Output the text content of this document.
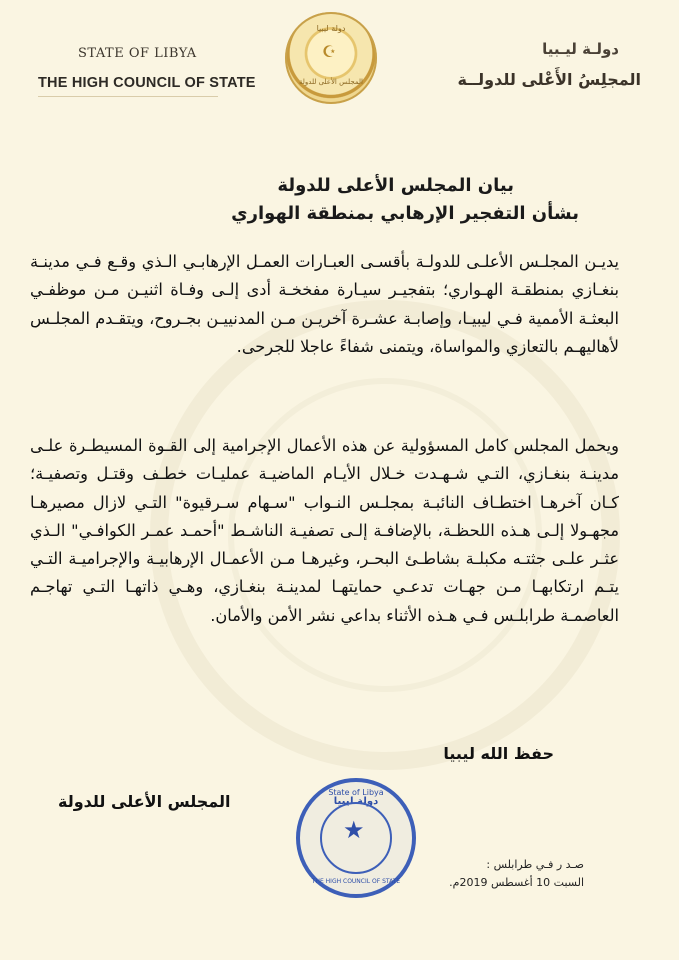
STATE OF LIBYA
THE HIGH COUNCIL OF STATE
دولـة ليـبيا
المجلِسُ الأَعْلى للدولــة
دولة ليبيا
☪
المجلس الأعلى للدولة
بيان المجلس الأعلى للدولة
بشأن التفجير الإرهابي بمنطقة الهواري
يديـن المجلـس الأعلـى للدولـة بأقسـى العبـارات العمـل الإرهابـي الـذي وقـع فـي مدينـة بنغـازي بمنطقـة الهـواري؛ بتفجيـر سيـارة مفخخـة أدى إلـى وفـاة اثنيـن مـن موظفـي البعثـة الأممية فـي ليبيـا، وإصابـة عشـرة آخريـن مـن المدنييـن بجـروح، ويتقـدم المجلـس لأهاليهـم بالتعازي والمواساة، ويتمنى شفاءً عاجلا للجرحى.
ويحمل المجلس كامل المسؤولية عن هذه الأعمال الإجرامية إلى القـوة المسيطـرة علـى مدينـة بنغـازي، التـي شـهـدت خـلال الأيـام الماضيـة عمليـات خطـف وقتـل وتصفيـة؛ كـان آخرهـا اختطـاف النائبـة بمجلـس النـواب "سـهام سـرقيوة" التـي لازال مصيرهـا مجهـولا إلـى هـذه اللحظـة، بالإضافـة إلـى تصفيـة الناشـط "أحمـد عمـر الكوافـي" الـذي عثـر علـى جثتـه مكبلـة بشاطـئ البحـر، وغيرهـا مـن الأعمـال الإرهابيـة والإجراميـة التـي يتـم ارتكابهـا مـن جهـات تدعـي حمايتهـا لمدينـة بنغـازي، وهـي ذاتهـا التـي تهاجـم العاصمـة طرابلـس فـي هـذه الأثناء بداعي نشر الأمن والأمان.
حفظ الله ليبيا
المجلس الأعلى للدولة	State of Libya
دولة ليبيا
★
THE HIGH COUNCIL OF STATE
صـد ر فـي طرابلس :
السبت 10 أغسطس 2019م.
